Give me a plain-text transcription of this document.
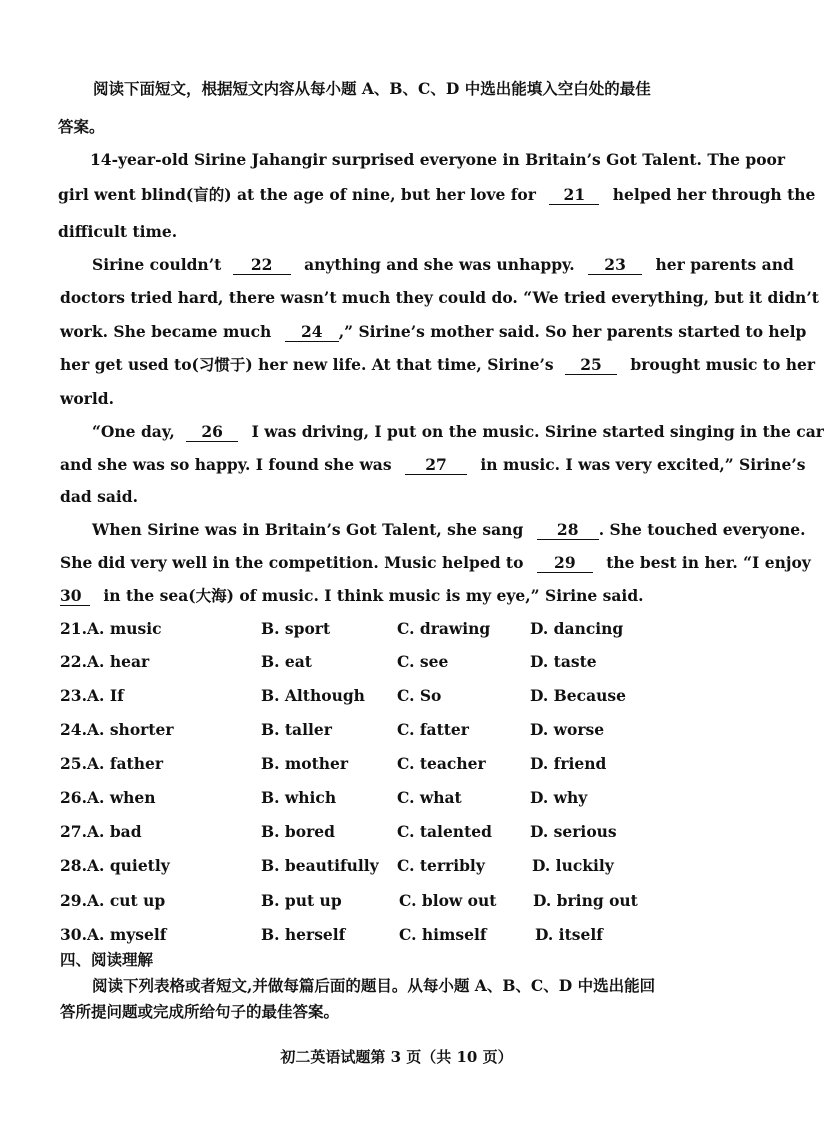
阅读下面短文，根据短文内容从每小题 A、B、C、D 中选出能填入空白处的最佳
答案。
14-year-old Sirine Jahangir surprised everyone in Britain’s Got Talent. The poor
girl went blind(盲的) at the age of nine, but her love for 21 helped her through the
difficult time.
Sirine couldn’t 22 anything and she was unhappy. 23 her parents and
doctors tried hard, there wasn’t much they could do. “We tried everything, but it didn’t
work. She became much 24 ,” Sirine’s mother said. So her parents started to help
her get used to(习惯于) her new life. At that time, Sirine’s 25 brought music to her
world.
“One day, 26 I was driving, I put on the music. Sirine started singing in the car
and she was so happy. I found she was 27 in music. I was very excited,” Sirine’s
dad said.
When Sirine was in Britain’s Got Talent, she sang 28 . She touched everyone.
She did very well in the competition. Music helped to 29 the best in her. “I enjoy
30 in the sea(大海) of music. I think music is my eye,” Sirine said.
21. A. music	B. sport	C. drawing	D. dancing
22. A. hear	B. eat	C. see	D. taste
23. A. If	B. Although C. So	D. Because
24. A. shorter	B. taller	C. fatter	D. worse
25. A. father	B. mother	C. teacher	D. friend
26. A. when	B. which	C. what	D. why
27. A. bad	B. bored	C. talented D. serious
28. A. quietly	B. beautifully C. terribly	D. luckily
29. A. cut up	B. put up	C. blow out D. bring out
30. A. myself	B. herself	C. himself	D. itself
四、阅读理解
阅读下列表格或者短文,并做每篇后面的题目。从每小题 A、B、C、D 中选出能回
答所提问题或完成所给句子的最佳答案。
初二英语试题第 3 页（共 10 页）
